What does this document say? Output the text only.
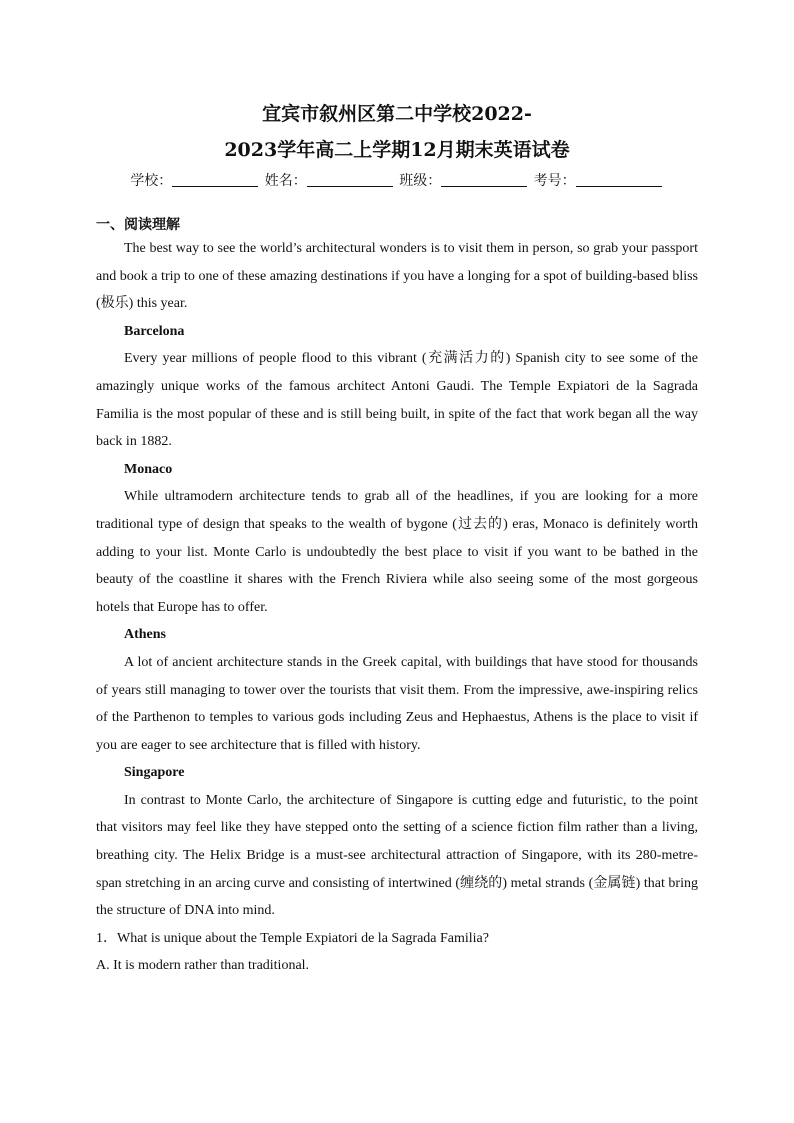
宜宾市叙州区第二中学校2022-
2023学年高二上学期12月期末英语试卷
学校：	姓名：	班级：	考号：
一、阅读理解

The best way to see the world’s architectural wonders is to visit them in person, so grab your passport and book a trip to one of these amazing destinations if you have a longing for a spot of building-based bliss (极乐) this year.

Barcelona

Every year millions of people flood to this vibrant (充满活力的) Spanish city to see some of the amazingly unique works of the famous architect Antoni Gaudi. The Temple Expiatori de la Sagrada Familia is the most popular of these and is still being built, in spite of the fact that work began all the way back in 1882.

Monaco

While ultramodern architecture tends to grab all of the headlines, if you are looking for a more traditional type of design that speaks to the wealth of bygone (过去的) eras, Monaco is definitely worth adding to your list. Monte Carlo is undoubtedly the best place to visit if you want to be bathed in the beauty of the coastline it shares with the French Riviera while also seeing some of the most gorgeous hotels that Europe has to offer.

Athens

A lot of ancient architecture stands in the Greek capital, with buildings that have stood for thousands of years still managing to tower over the tourists that visit them. From the impressive, awe-inspiring relics of the Parthenon to temples to various gods including Zeus and Hephaestus, Athens is the place to visit if you are eager to see architecture that is filled with history.

Singapore

In contrast to Monte Carlo, the architecture of Singapore is cutting edge and futuristic, to the point that visitors may feel like they have stepped onto the setting of a science fiction film rather than a living, breathing city. The Helix Bridge is a must-see architectural attraction of Singapore, with its 280-metre-span stretching in an arcing curve and consisting of intertwined (缠绕的) metal strands (金属链) that bring the structure of DNA into mind.

1．What is unique about the Temple Expiatori de la Sagrada Familia?

A. It is modern rather than traditional.
